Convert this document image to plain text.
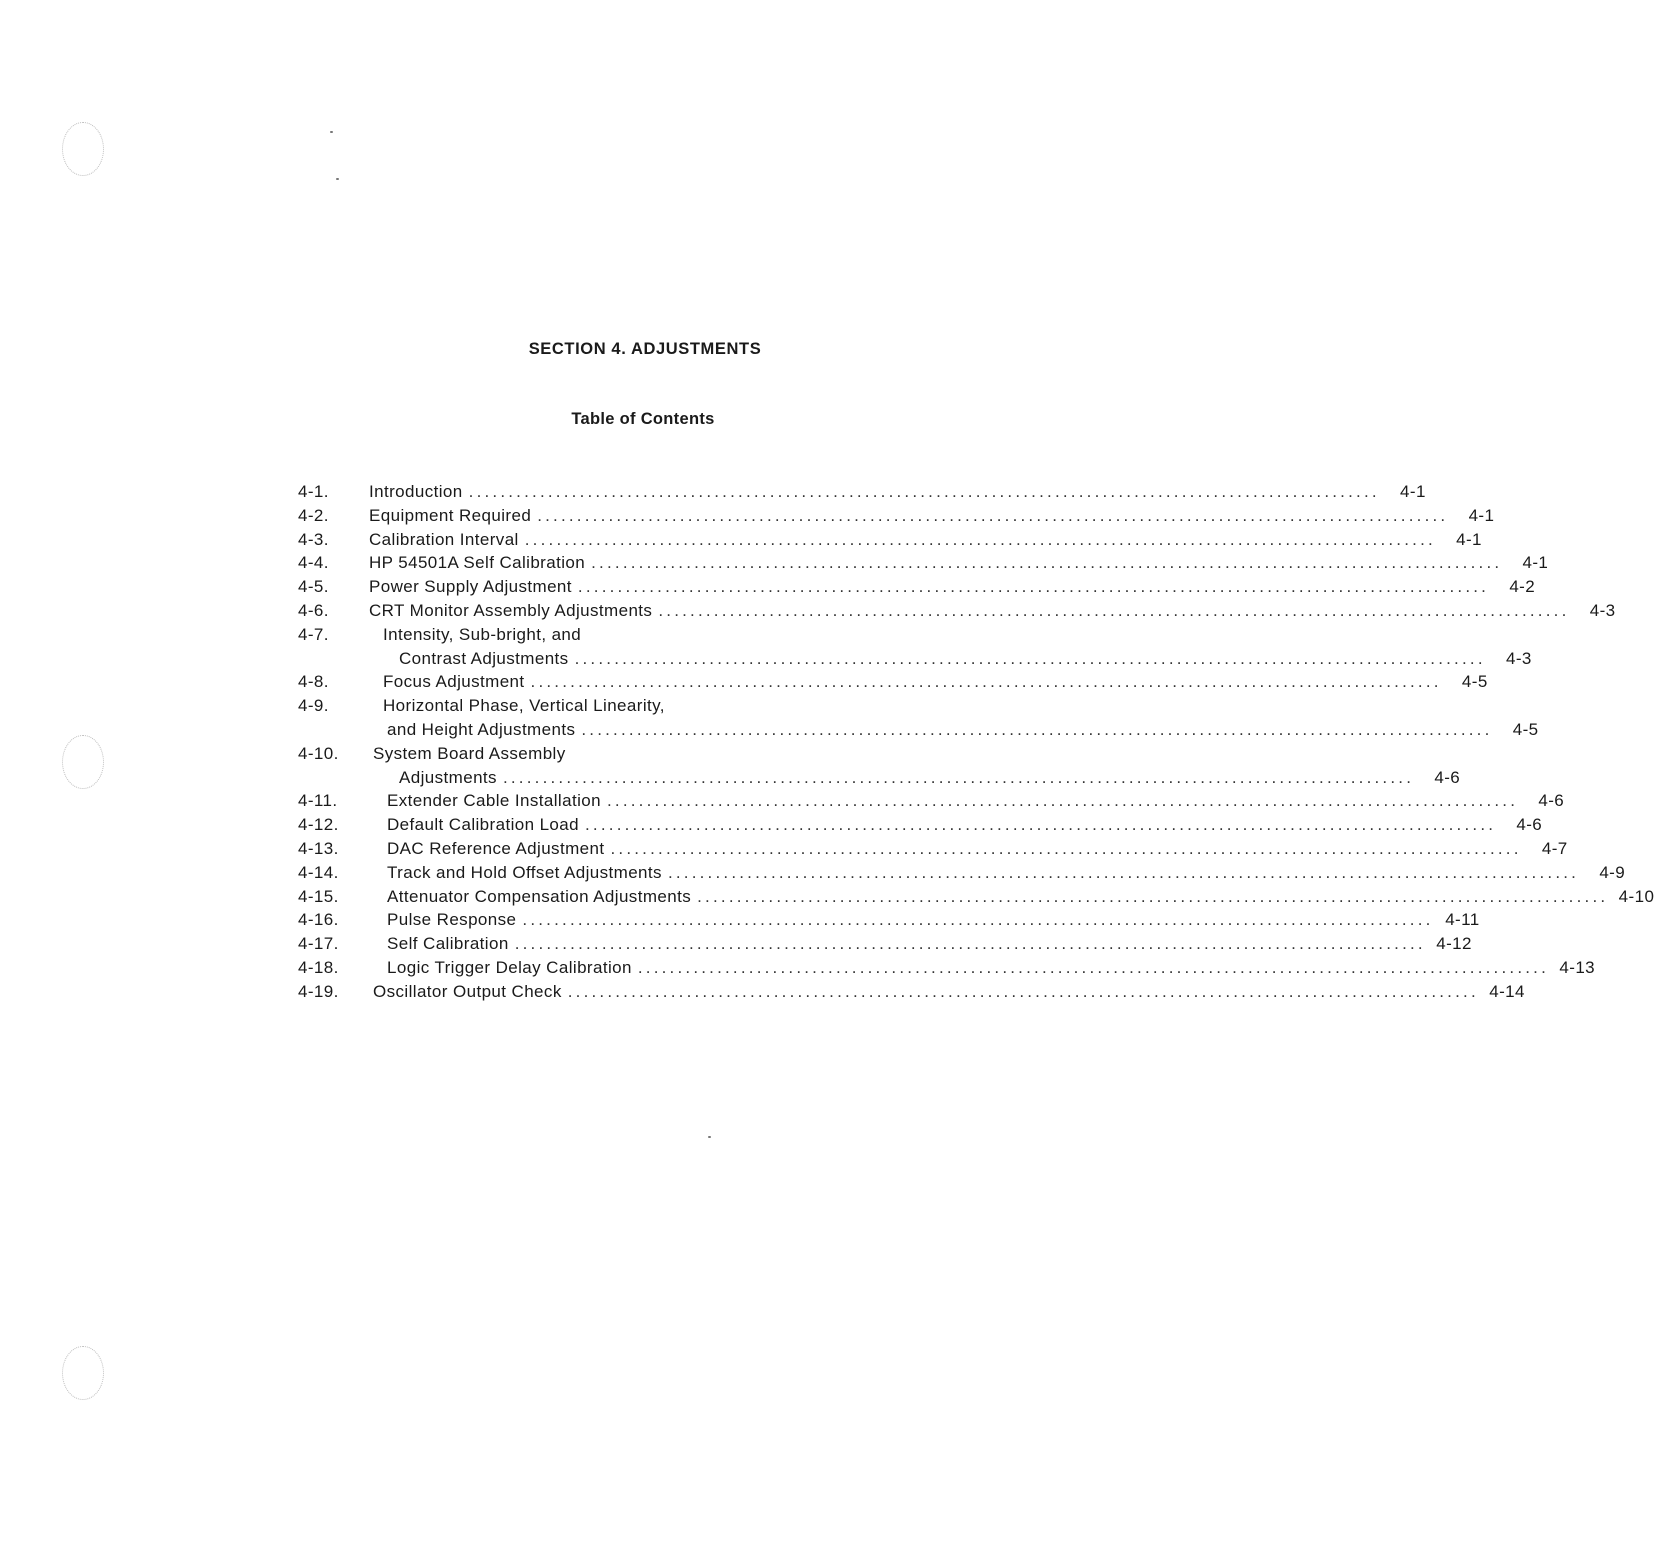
SECTION 4. ADJUSTMENTS
Table of Contents
4-1. Introduction ...................................................................................................................	4-1
4-2. Equipment Required ...................................................................................................................	4-1
4-3. Calibration Interval ...................................................................................................................	4-1
4-4. HP 54501A Self Calibration ...................................................................................................................	4-1
4-5. Power Supply Adjustment ...................................................................................................................	4-2
4-6. CRT Monitor Assembly Adjustments ...................................................................................................................	4-3
4-7.	Intensity, Sub-bright, and
Contrast Adjustments ...................................................................................................................	4-3
4-8.	Focus Adjustment ...................................................................................................................	4-5
4-9.	Horizontal Phase, Vertical Linearity,
and Height Adjustments ...................................................................................................................	4-5
4-10. System Board Assembly
Adjustments ...................................................................................................................	4-6
4-11.	Extender Cable Installation ...................................................................................................................	4-6
4-12.	Default Calibration Load ...................................................................................................................	4-6
4-13.	DAC Reference Adjustment ...................................................................................................................	4-7
4-14.	Track and Hold Offset Adjustments ...................................................................................................................	4-9
4-15.	Attenuator Compensation Adjustments ................................................................................................................... 4-10
4-16.	Pulse Response ................................................................................................................... 4-11
4-17.	Self Calibration ................................................................................................................... 4-12
4-18.	Logic Trigger Delay Calibration ................................................................................................................... 4-13
4-19. Oscillator Output Check ................................................................................................................... 4-14
